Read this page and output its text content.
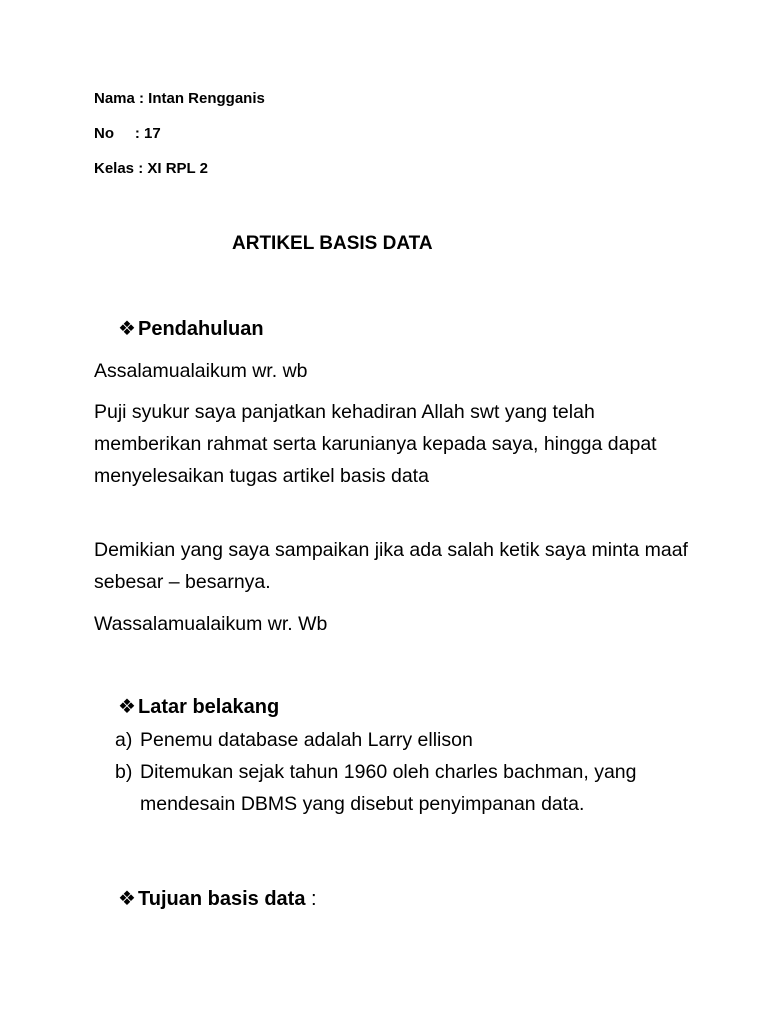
Nama : Intan Rengganis
No     : 17
Kelas : XI RPL 2
ARTIKEL BASIS DATA
❖ Pendahuluan
Assalamualaikum wr. wb
Puji syukur saya panjatkan kehadiran Allah swt yang telah memberikan rahmat serta karunianya kepada saya, hingga dapat menyelesaikan tugas artikel basis data
Demikian yang saya sampaikan jika ada salah ketik saya minta maaf sebesar – besarnya.
Wassalamualaikum wr. Wb
❖ Latar belakang
a) Penemu database adalah Larry ellison
b) Ditemukan sejak tahun 1960 oleh charles bachman, yang mendesain DBMS yang disebut penyimpanan data.
❖ Tujuan basis data :
